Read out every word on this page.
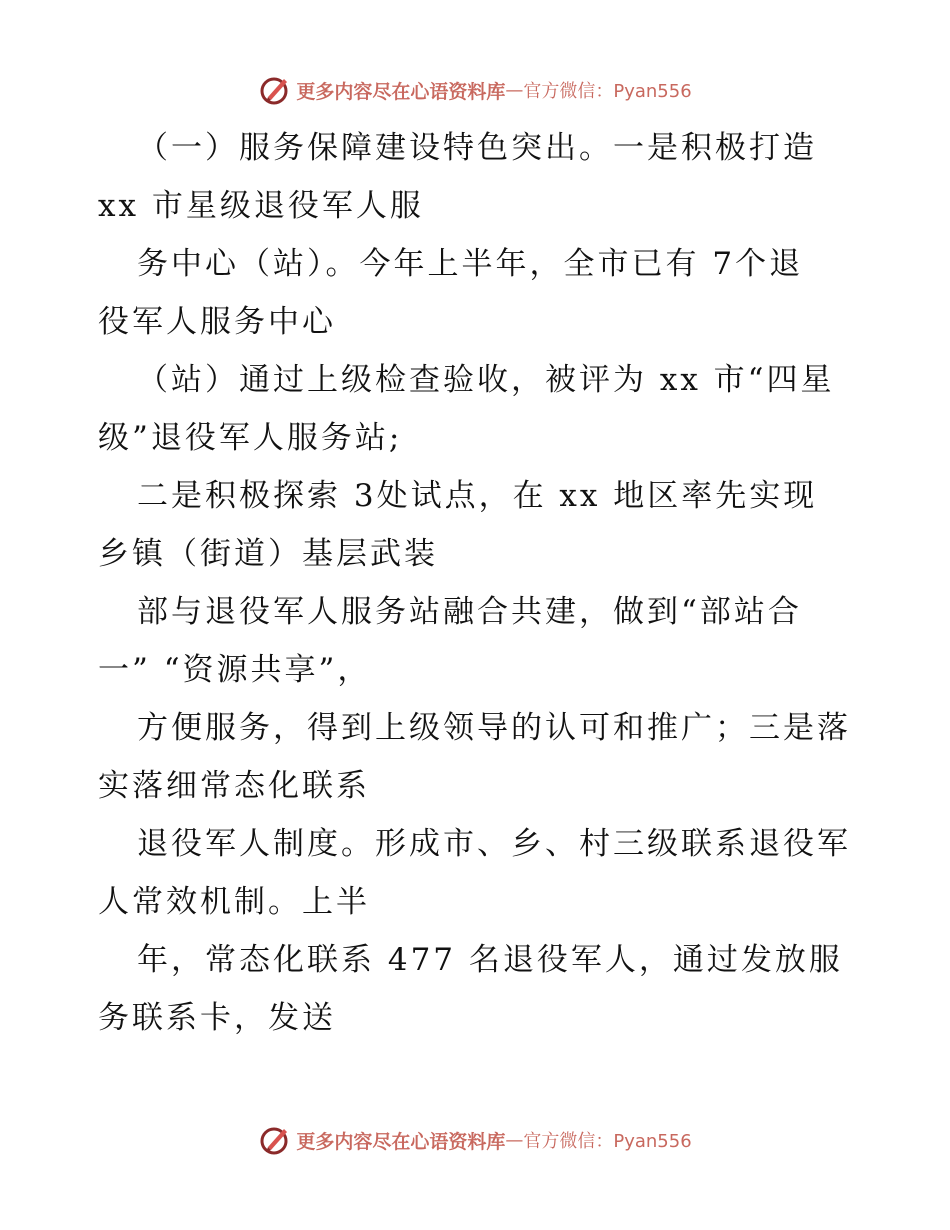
更多内容尽在心语资料库 — 官方微信：Pyan556
（一）服务保障建设特色突出。一是积极打造
xx 市星级退役军人服
务中心（站）。今年上半年，全市已有 7个退
役军人服务中心
（站）通过上级检查验收，被评为 xx 市“四星
级”退役军人服务站;
二是积极探索 3处试点，在 xx 地区率先实现
乡镇（街道）基层武装
部与退役军人服务站融合共建，做到“部站合
一” “资源共享”，
方便服务，得到上级领导的认可和推广；三是落
实落细常态化联系
退役军人制度。形成市、乡、村三级联系退役军
人常效机制。上半
年，常态化联系 477 名退役军人，通过发放服
务联系卡，发送
更多内容尽在心语资料库 — 官方微信：Pyan556
